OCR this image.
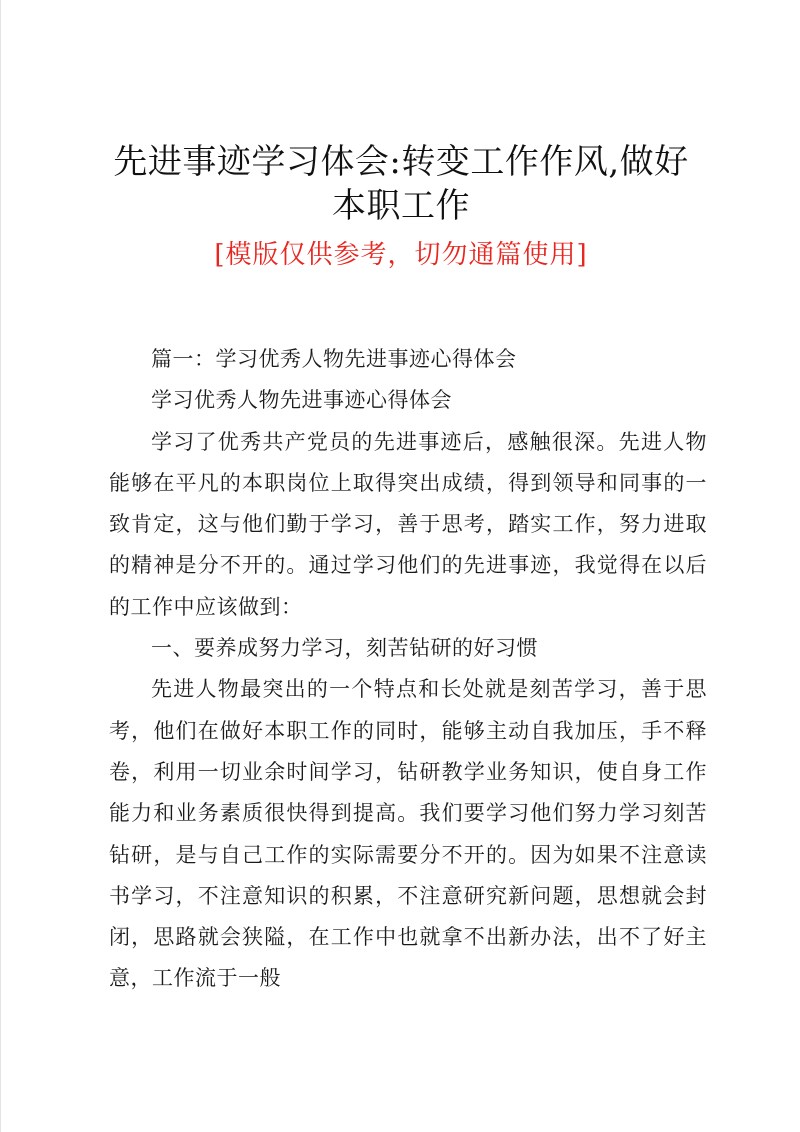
先进事迹学习体会:转变工作作风,做好本职工作
[模版仅供参考，切勿通篇使用]

篇一：学习优秀人物先进事迹心得体会

学习优秀人物先进事迹心得体会

学习了优秀共产党员的先进事迹后，感触很深。先进人物能够在平凡的本职岗位上取得突出成绩，得到领导和同事的一致肯定，这与他们勤于学习，善于思考，踏实工作，努力进取的精神是分不开的。通过学习他们的先进事迹，我觉得在以后的工作中应该做到：

一、要养成努力学习，刻苦钻研的好习惯

先进人物最突出的一个特点和长处就是刻苦学习，善于思考，他们在做好本职工作的同时，能够主动自我加压，手不释卷，利用一切业余时间学习，钻研教学业务知识，使自身工作能力和业务素质很快得到提高。我们要学习他们努力学习刻苦钻研，是与自己工作的实际需要分不开的。因为如果不注意读书学习，不注意知识的积累，不注意研究新问题，思想就会封闭，思路就会狭隘，在工作中也就拿不出新办法，出不了好主意，工作流于一般
